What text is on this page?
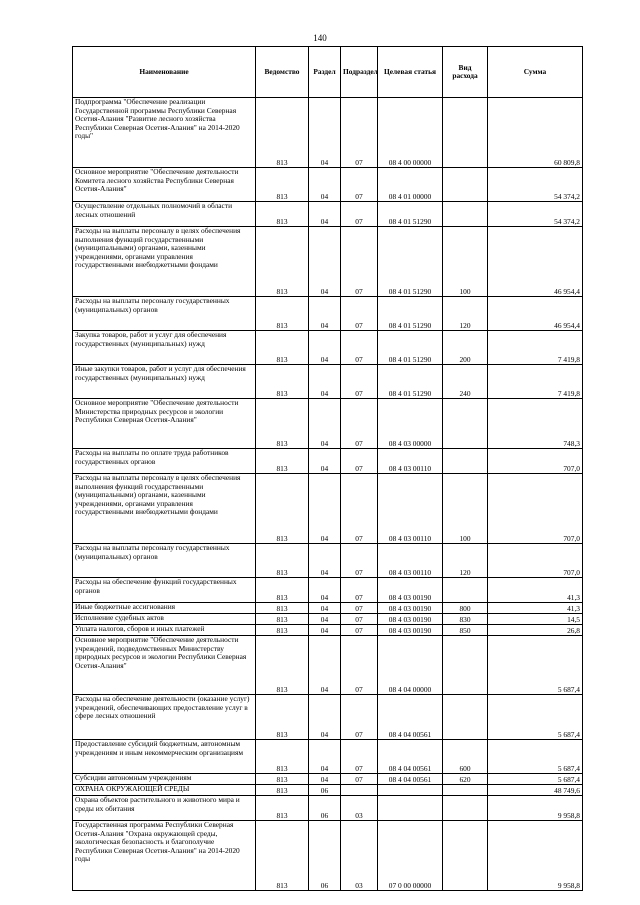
140
Наименование	Ведомство	Раздел	Подраздел	Целевая статья	Вид расхода	Сумма
Подпрограмма "Обеспечение реализации Государственной программы Республики Северная Осетия-Алания "Развитие лесного хозяйства Республики Северная Осетия-Алания" на 2014-2020 годы"	813	04	07	08 4 00 00000		60 809,8
Основное мероприятие "Обеспечение деятельности Комитета лесного хозяйства Республики Северная Осетия-Алания"	813	04	07	08 4 01 00000		54 374,2
Осуществление отдельных полномочий в области лесных отношений	813	04	07	08 4 01 51290		54 374,2
Расходы на выплаты персоналу в целях обеспечения выполнения функций государственными (муниципальными) органами, казенными учреждениями, органами управления государственными внебюджетными фондами	813	04	07	08 4 01 51290	100	46 954,4
Расходы на выплаты персоналу государственных (муниципальных) органов	813	04	07	08 4 01 51290	120	46 954,4
Закупка товаров, работ и услуг для обеспечения государственных (муниципальных) нужд	813	04	07	08 4 01 51290	200	7 419,8
Иные закупки товаров, работ и услуг для обеспечения государственных (муниципальных) нужд	813	04	07	08 4 01 51290	240	7 419,8
Основное мероприятие "Обеспечение деятельности Министерства природных ресурсов и экологии Республики Северная Осетия-Алания"	813	04	07	08 4 03 00000		748,3
Расходы на выплаты по оплате труда работников государственных органов	813	04	07	08 4 03 00110		707,0
Расходы на выплаты персоналу в целях обеспечения выполнения функций государственными (муниципальными) органами, казенными учреждениями, органами управления государственными внебюджетными фондами	813	04	07	08 4 03 00110	100	707,0
Расходы на выплаты персоналу государственных (муниципальных) органов	813	04	07	08 4 03 00110	120	707,0
Расходы на обеспечение функций государственных органов	813	04	07	08 4 03 00190		41,3
Иные бюджетные ассигнования	813	04	07	08 4 03 00190	800	41,3
Исполнение судебных актов	813	04	07	08 4 03 00190	830	14,5
Уплата налогов, сборов и иных платежей	813	04	07	08 4 03 00190	850	26,8
Основное мероприятие "Обеспечение деятельности учреждений, подведомственных Министерству природных ресурсов и экологии Республики Северная Осетия-Алания"	813	04	07	08 4 04 00000		5 687,4
Расходы на обеспечение деятельности (оказание услуг) учреждений, обеспечивающих предоставление услуг в сфере лесных отношений	813	04	07	08 4 04 00561		5 687,4
Предоставление субсидий бюджетным, автономным учреждениям и иным некоммерческим организациям	813	04	07	08 4 04 00561	600	5 687,4
Субсидии автономным учреждениям	813	04	07	08 4 04 00561	620	5 687,4
ОХРАНА ОКРУЖАЮЩЕЙ СРЕДЫ	813	06				48 749,6
Охрана объектов растительного и животного мира и среды их обитания	813	06	03			9 958,8
Государственная программа Республики Северная Осетия-Алания "Охрана окружающей среды, экологическая безопасность и благополучие Республики Северная Осетия-Алания" на 2014-2020 годы	813	06	03	07 0 00 00000		9 958,8
